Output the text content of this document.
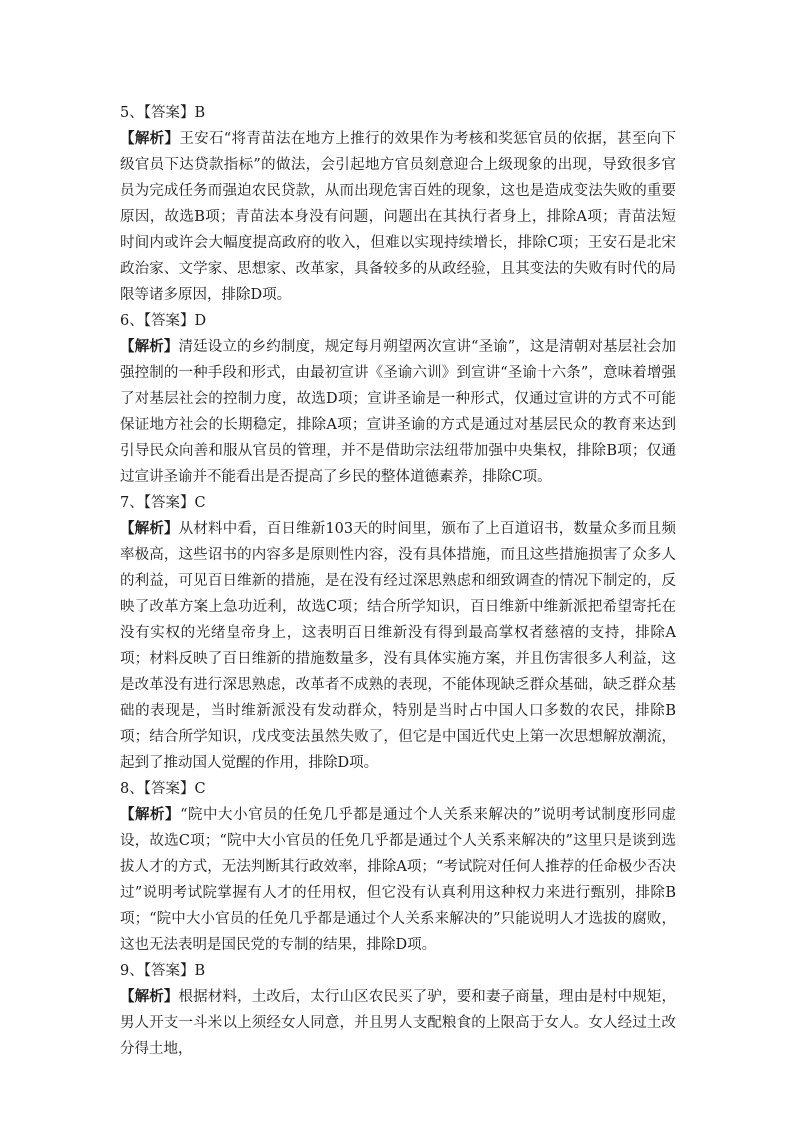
5、【答案】B

【解析】王安石“将青苗法在地方上推行的效果作为考核和奖惩官员的依据，甚至向下级官员下达贷款指标”的做法，会引起地方官员刻意迎合上级现象的出现，导致很多官员为完成任务而强迫农民贷款，从而出现危害百姓的现象，这也是造成变法失败的重要原因，故选B项；青苗法本身没有问题，问题出在其执行者身上，排除A项；青苗法短时间内或许会大幅度提高政府的收入，但难以实现持续增长，排除C项；王安石是北宋政治家、文学家、思想家、改革家，具备较多的从政经验，且其变法的失败有时代的局限等诸多原因，排除D项。

6、【答案】D

【解析】清廷设立的乡约制度，规定每月朔望两次宣讲“圣谕”，这是清朝对基层社会加强控制的一种手段和形式，由最初宣讲《圣谕六训》到宣讲“圣谕十六条”，意味着增强了对基层社会的控制力度，故选D项；宣讲圣谕是一种形式，仅通过宣讲的方式不可能保证地方社会的长期稳定，排除A项；宣讲圣谕的方式是通过对基层民众的教育来达到引导民众向善和服从官员的管理，并不是借助宗法纽带加强中央集权，排除B项；仅通过宣讲圣谕并不能看出是否提高了乡民的整体道德素养，排除C项。

7、【答案】C

【解析】从材料中看，百日维新103天的时间里，颁布了上百道诏书，数量众多而且频率极高，这些诏书的内容多是原则性内容，没有具体措施，而且这些措施损害了众多人的利益，可见百日维新的措施，是在没有经过深思熟虑和细致调查的情况下制定的，反映了改革方案上急功近利，故选C项；结合所学知识，百日维新中维新派把希望寄托在没有实权的光绪皇帝身上，这表明百日维新没有得到最高掌权者慈禧的支持，排除A项；材料反映了百日维新的措施数量多，没有具体实施方案，并且伤害很多人利益，这是改革没有进行深思熟虑，改革者不成熟的表现，不能体现缺乏群众基础，缺乏群众基础的表现是，当时维新派没有发动群众，特别是当时占中国人口多数的农民，排除B项；结合所学知识，戊戌变法虽然失败了，但它是中国近代史上第一次思想解放潮流，起到了推动国人觉醒的作用，排除D项。

8、【答案】C

【解析】“院中大小官员的任免几乎都是通过个人关系来解决的”说明考试制度形同虚设，故选C项；“院中大小官员的任免几乎都是通过个人关系来解决的”这里只是谈到选拔人才的方式，无法判断其行政效率，排除A项；“考试院对任何人推荐的任命极少否决过”说明考试院掌握有人才的任用权，但它没有认真利用这种权力来进行甄别，排除B项；“院中大小官员的任免几乎都是通过个人关系来解决的”只能说明人才选拔的腐败，这也无法表明是国民党的专制的结果，排除D项。

9、【答案】B

【解析】根据材料，土改后，太行山区农民买了驴，要和妻子商量，理由是村中规矩，男人开支一斗米以上须经女人同意，并且男人支配粮食的上限高于女人。女人经过土改分得土地，
